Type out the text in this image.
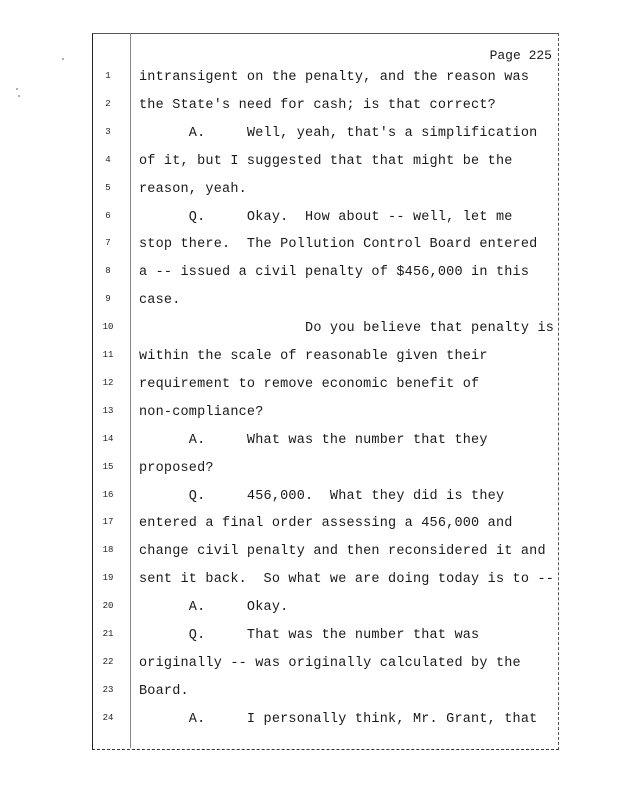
Page 225
1	intransigent on the penalty, and the reason was
2	the State's need for cash; is that correct?
3	A.     Well, yeah, that's a simplification
4	of it, but I suggested that that might be the
5	reason, yeah.
6	Q.     Okay.  How about -- well, let me
7	stop there.  The Pollution Control Board entered
8	a -- issued a civil penalty of $456,000 in this
9	case.
10	Do you believe that penalty is
11	within the scale of reasonable given their
12	requirement to remove economic benefit of
13	non-compliance?
14	A.     What was the number that they
15	proposed?
16	Q.     456,000.  What they did is they
17	entered a final order assessing a 456,000 and
18	change civil penalty and then reconsidered it and
19	sent it back.  So what we are doing today is to --
20	A.     Okay.
21	Q.     That was the number that was
22	originally -- was originally calculated by the
23	Board.
24	A.     I personally think, Mr. Grant, that
